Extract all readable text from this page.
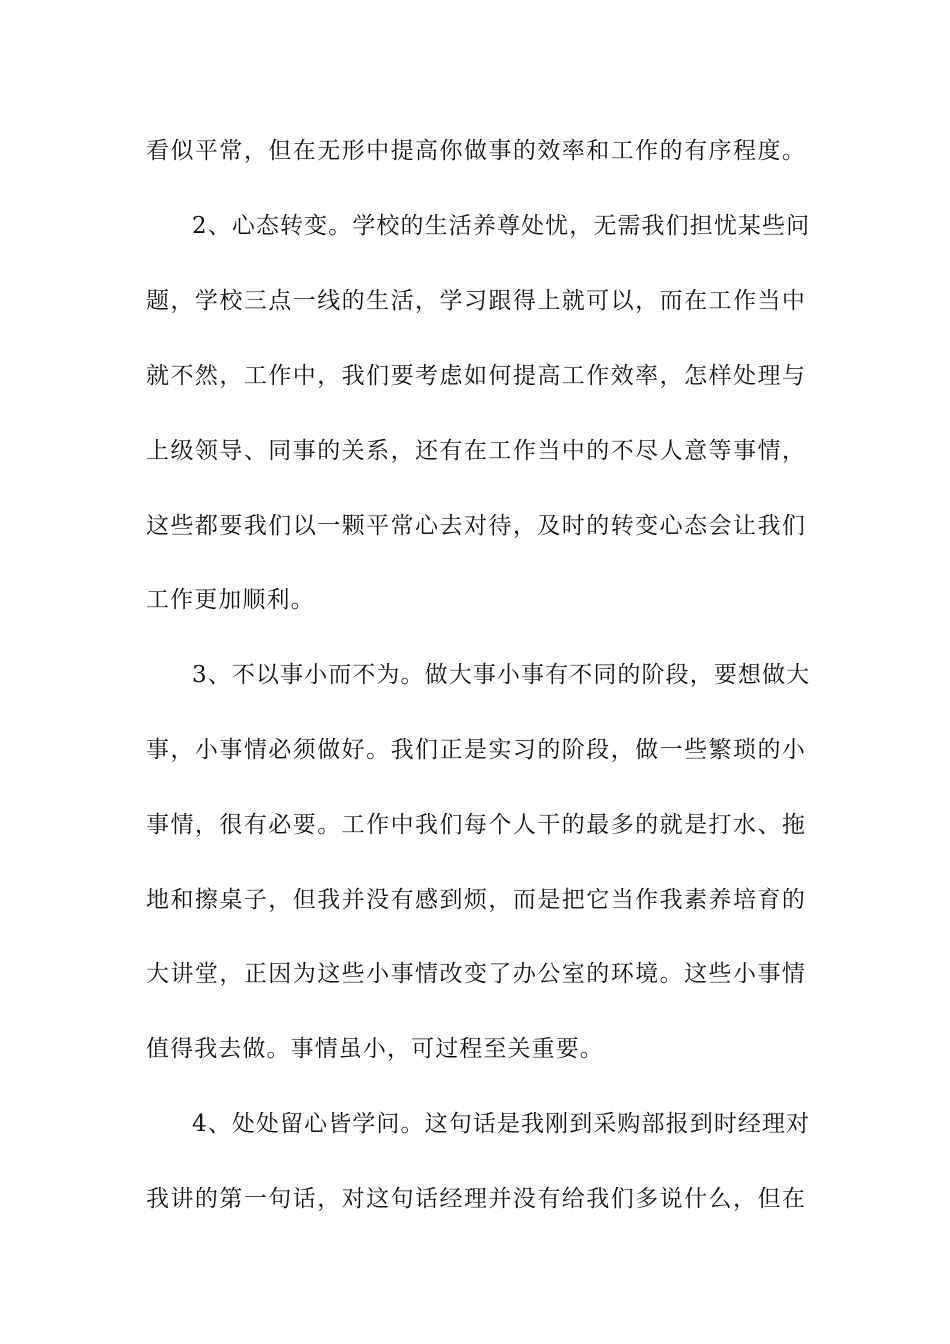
看似平常，但在无形中提高你做事的效率和工作的有序程度。
2、心态转变。学校的生活养尊处忧，无需我们担忧某些问
题，学校三点一线的生活，学习跟得上就可以，而在工作当中
就不然，工作中，我们要考虑如何提高工作效率，怎样处理与
上级领导、同事的关系，还有在工作当中的不尽人意等事情，
这些都要我们以一颗平常心去对待，及时的转变心态会让我们
工作更加顺利。
3、不以事小而不为。做大事小事有不同的阶段，要想做大
事，小事情必须做好。我们正是实习的阶段，做一些繁琐的小
事情，很有必要。工作中我们每个人干的最多的就是打水、拖
地和擦桌子，但我并没有感到烦，而是把它当作我素养培育的
大讲堂，正因为这些小事情改变了办公室的环境。这些小事情
值得我去做。事情虽小，可过程至关重要。
4、处处留心皆学问。这句话是我刚到采购部报到时经理对
我讲的第一句话，对这句话经理并没有给我们多说什么，但在
